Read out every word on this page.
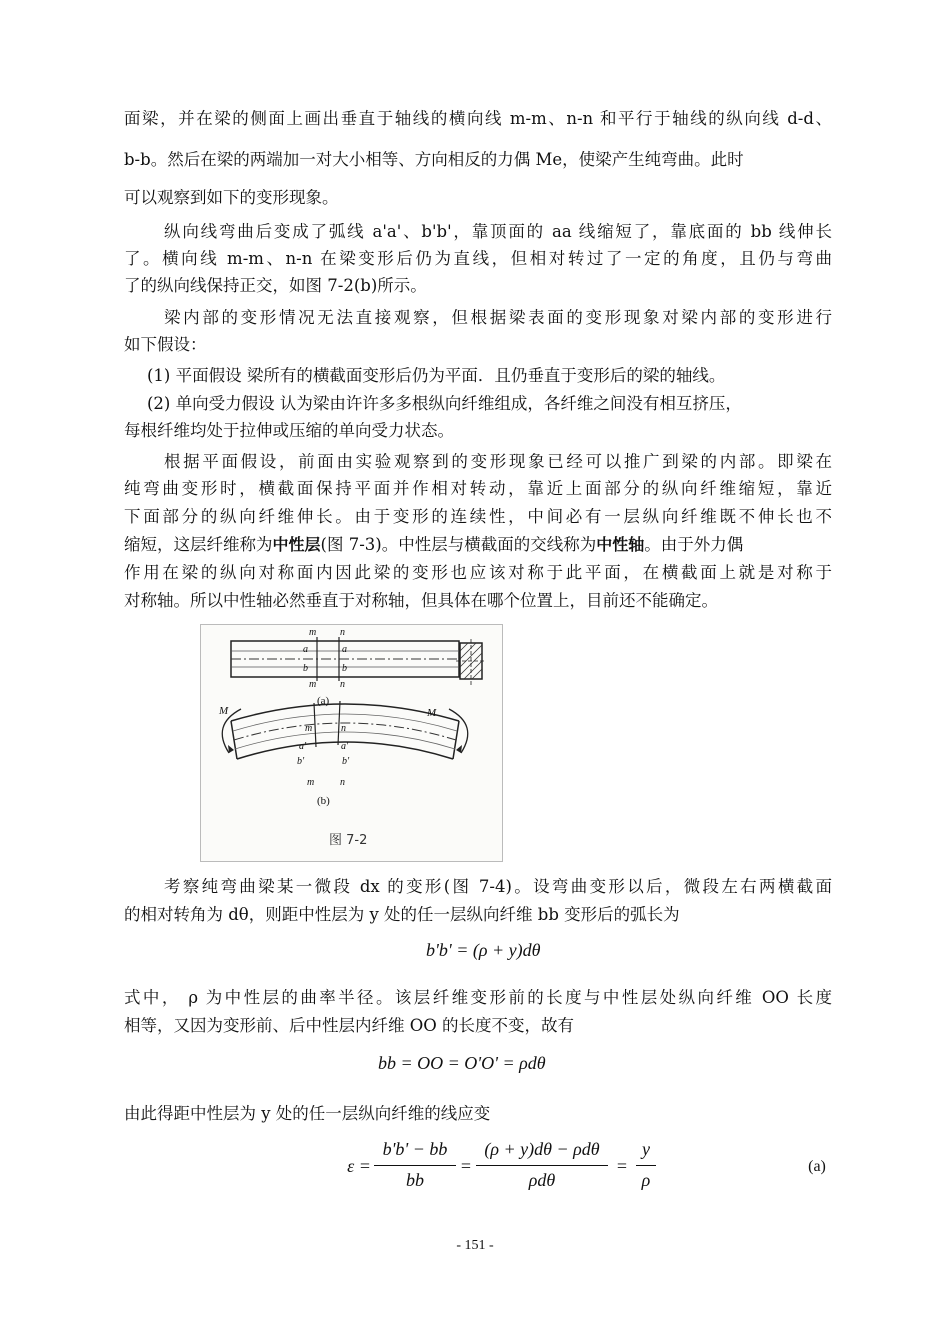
面梁，并在梁的侧面上画出垂直于轴线的横向线 m-m、n-n 和平行于轴线的纵向线 d-d、
b-b。然后在梁的两端加一对大小相等、方向相反的力偶 Me，使梁产生纯弯曲。此时
可以观察到如下的变形现象。
纵向线弯曲后变成了弧线 a'a'、b'b'，靠顶面的 aa 线缩短了，靠底面的 bb 线伸长
了。横向线 m-m、n-n 在梁变形后仍为直线，但相对转过了一定的角度，且仍与弯曲
了的纵向线保持正交，如图 7-2(b)所示。
梁内部的变形情况无法直接观察，但根据梁表面的变形现象对梁内部的变形进行
如下假设：
(1) 平面假设 梁所有的横截面变形后仍为平面．且仍垂直于变形后的梁的轴线。
(2) 单向受力假设 认为梁由许许多多根纵向纤维组成，各纤维之间没有相互挤压，
每根纤维均处于拉伸或压缩的单向受力状态。
根据平面假设，前面由实验观察到的变形现象已经可以推广到梁的内部。即梁在
纯弯曲变形时，横截面保持平面并作相对转动，靠近上面部分的纵向纤维缩短，靠近
下面部分的纵向纤维伸长。由于变形的连续性，中间必有一层纵向纤维既不伸长也不
缩短，这层纤维称为中性层(图 7-3)。中性层与横截面的交线称为中性轴。由于外力偶
作用在梁的纵向对称面内因此梁的变形也应该对称于此平面，在横截面上就是对称于
对称轴。所以中性轴必然垂直于对称轴，但具体在哪个位置上，目前还不能确定。
m n
a	a
b	b
m n
(a)
M	M
m	n
a'	a'
b'	b'
m	n
(b)
图 7-2
考察纯弯曲梁某一微段 dx 的变形(图 7-4)。设弯曲变形以后，微段左右两横截面
的相对转角为 dθ，则距中性层为 y 处的任一层纵向纤维 bb 变形后的弧长为
b'b' = (ρ + y)dθ
式中， ρ 为中性层的曲率半径。该层纤维变形前的长度与中性层处纵向纤维 OO 长度
相等，又因为变形前、后中性层内纤维 OO 的长度不变，故有
bb = OO = O'O' = ρdθ
由此得距中性层为 y 处的任一层纵向纤维的线应变
ε =
b'b' − bb
bb
=
(ρ + y)dθ − ρdθ
ρdθ
=
y
ρ
(a)
- 151 -
